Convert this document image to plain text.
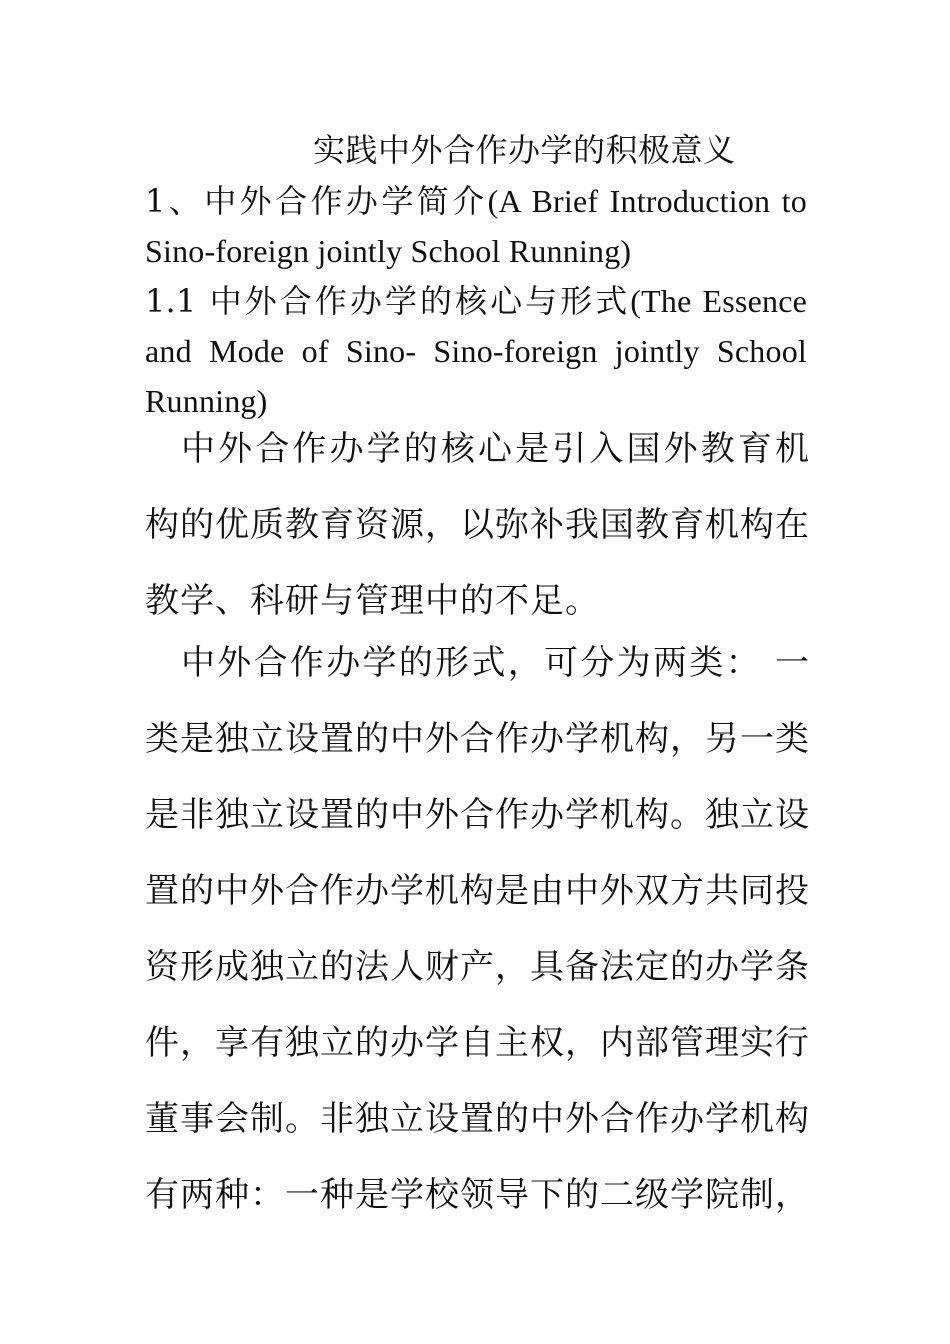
实践中外合作办学的积极意义
1、中外合作办学简介(A Brief Introduction to Sino-foreign jointly School Running)
1.1 中外合作办学的核心与形式(The Essence and Mode of Sino- Sino-foreign jointly School Running)

中外合作办学的核心是引入国外教育机构的优质教育资源，以弥补我国教育机构在教学、科研与管理中的不足。

中外合作办学的形式，可分为两类： 一类是独立设置的中外合作办学机构，另一类是非独立设置的中外合作办学机构。独立设置的中外合作办学机构是由中外双方共同投资形成独立的法人财产，具备法定的办学条件，享有独立的办学自主权，内部管理实行董事会制。非独立设置的中外合作办学机构有两种：一种是学校领导下的二级学院制，
